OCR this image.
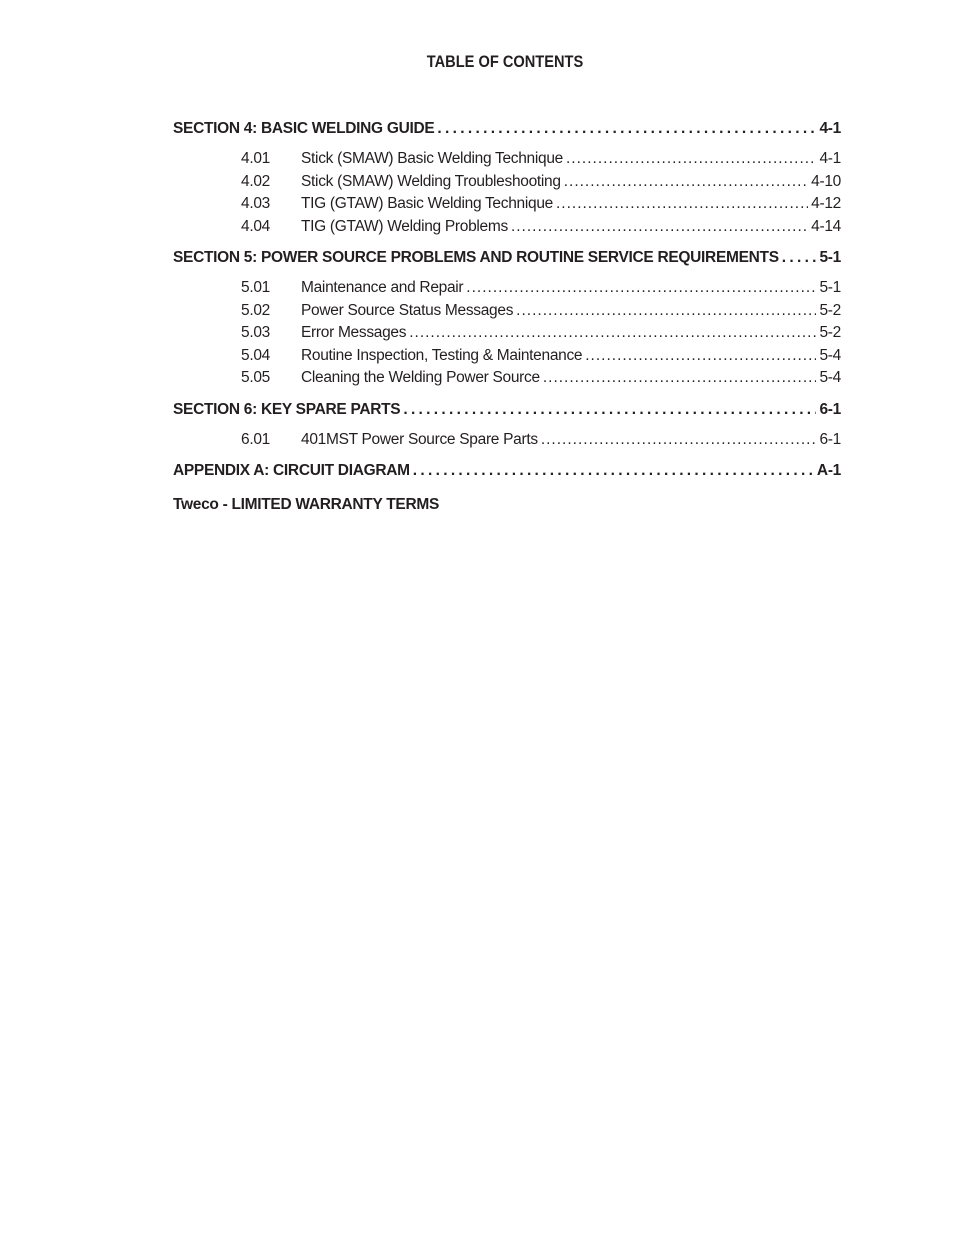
TABLE OF CONTENTS
SECTION 4: BASIC WELDING GUIDE . . .	4-1
4.01	Stick (SMAW) Basic Welding Technique .....	4-1
4.02	Stick (SMAW) Welding Troubleshooting .....	4-10
4.03	TIG (GTAW) Basic Welding Technique .....	4-12
4.04	TIG (GTAW) Welding Problems .....	4-14
SECTION 5: POWER SOURCE PROBLEMS AND ROUTINE SERVICE REQUIREMENTS . . .	5-1
5.01	Maintenance and Repair .....	5-1
5.02	Power Source Status Messages .....	5-2
5.03	Error Messages .....	5-2
5.04	Routine Inspection, Testing & Maintenance .....	5-4
5.05	Cleaning the Welding Power Source .....	5-4
SECTION 6: KEY SPARE PARTS . . .	6-1
6.01	401MST Power Source Spare Parts .....	6-1
APPENDIX A: CIRCUIT DIAGRAM . . .	A-1
Tweco - LIMITED WARRANTY TERMS
